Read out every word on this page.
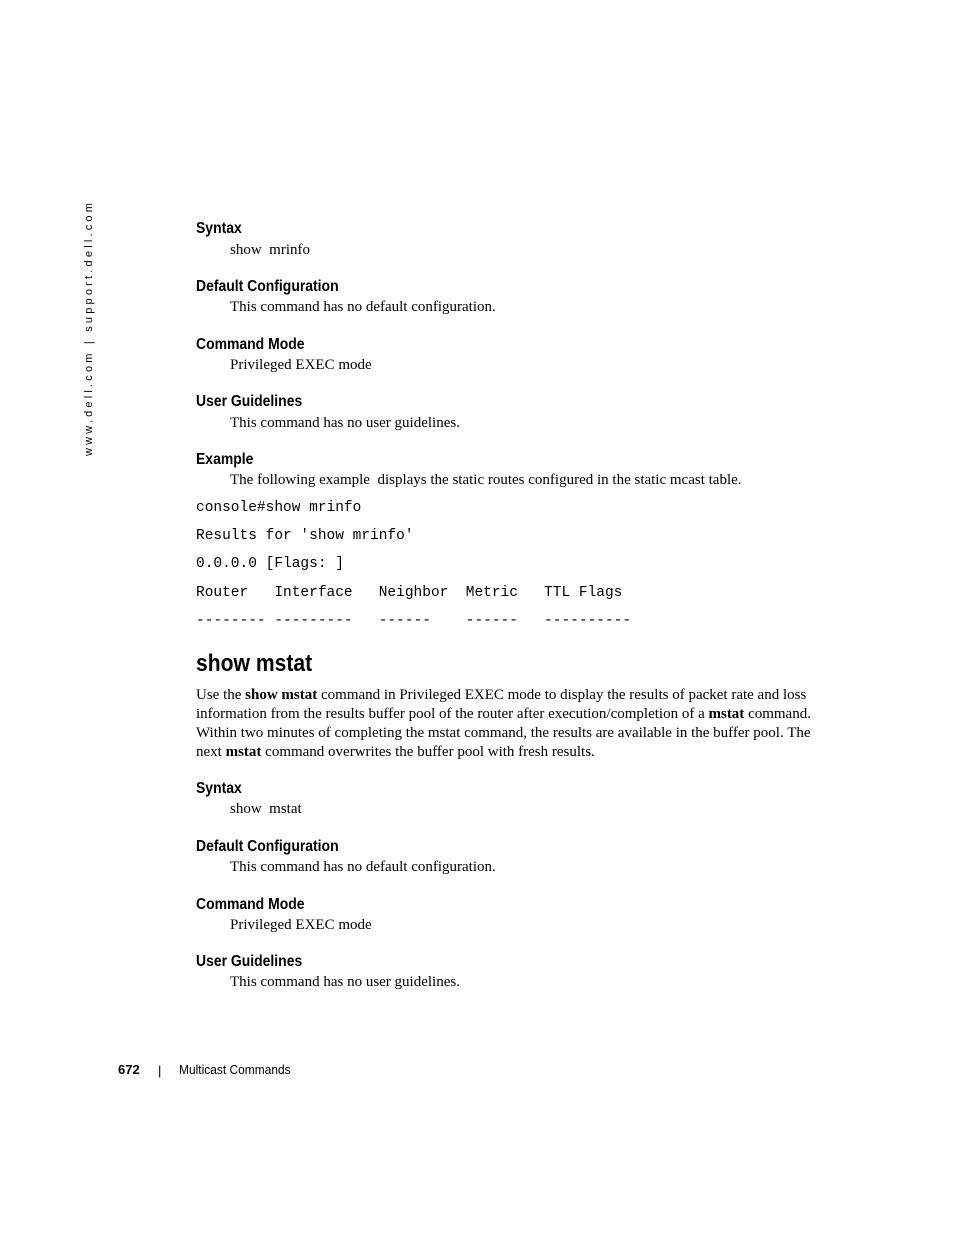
www.dell.com | support.dell.com	Syntax
show  mrinfo
Default Configuration
This command has no default configuration.
Command Mode
Privileged EXEC mode
User Guidelines
This command has no user guidelines.
Example
The following example  displays the static routes configured in the static mcast table.
console#show mrinfo
Results for 'show mrinfo'
0.0.0.0 [Flags: ]
Router   Interface   Neighbor  Metric   TTL Flags
-------- ---------   ------    ------   ----------
show mstat
Use the show mstat command in Privileged EXEC mode to display the results of packet rate and loss information from the results buffer pool of the router after execution/completion of a mstat command. Within two minutes of completing the mstat command, the results are available in the buffer pool. The next mstat command overwrites the buffer pool with fresh results.
Syntax
show  mstat
Default Configuration
This command has no default configuration.
Command Mode
Privileged EXEC mode
User Guidelines
This command has no user guidelines.
672 | Multicast Commands
